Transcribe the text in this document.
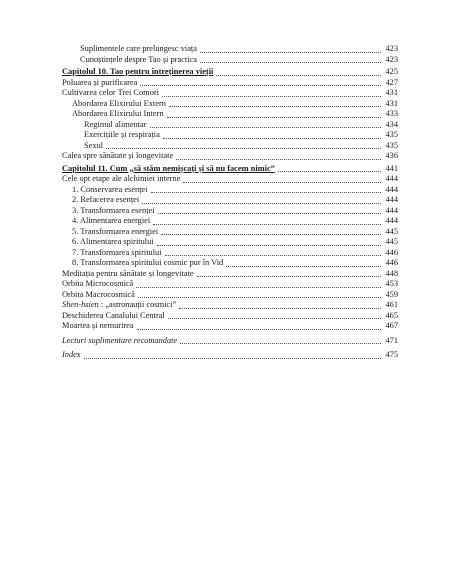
Suplimentele care prelungesc viața	423
Cunoștințele despre Tao și practica	423
Capitolul 10. Tao pentru întreținerea vieții	425
Poluarea și purificarea	427
Cultivarea celor Trei Comori	431
Abordarea Elixirului Extern	431
Abordarea Elixirului Intern	433
Regimul alimentar	434
Exercițiile și respirația	435
Sexul	435
Calea spre sănătate și longevitate	436
Capitolul 11. Cum „să stăm nemișcați și să nu facem nimic”	441
Cele opt etape ale alchimiei interne	444
1. Conservarea esenței	444
2. Refacerea esenței	444
3. Transformarea esenței	444
4. Alimentarea energiei	444
5. Transformarea energiei	445
6. Alimentarea spiritului	445
7. Transformarea spiritului	446
8. Transformarea spiritului cosmic pur în Vid	446
Meditația pentru sănătate și longevitate	448
Orbita Microcosmică	453
Orbita Macrocosmică	459
Shen-hsien : „astronauții cosmici”	461
Deschiderea Canalului Central	465
Moartea și nemurirea	467
Lecturi suplimentare recomandate	471
Index	475
